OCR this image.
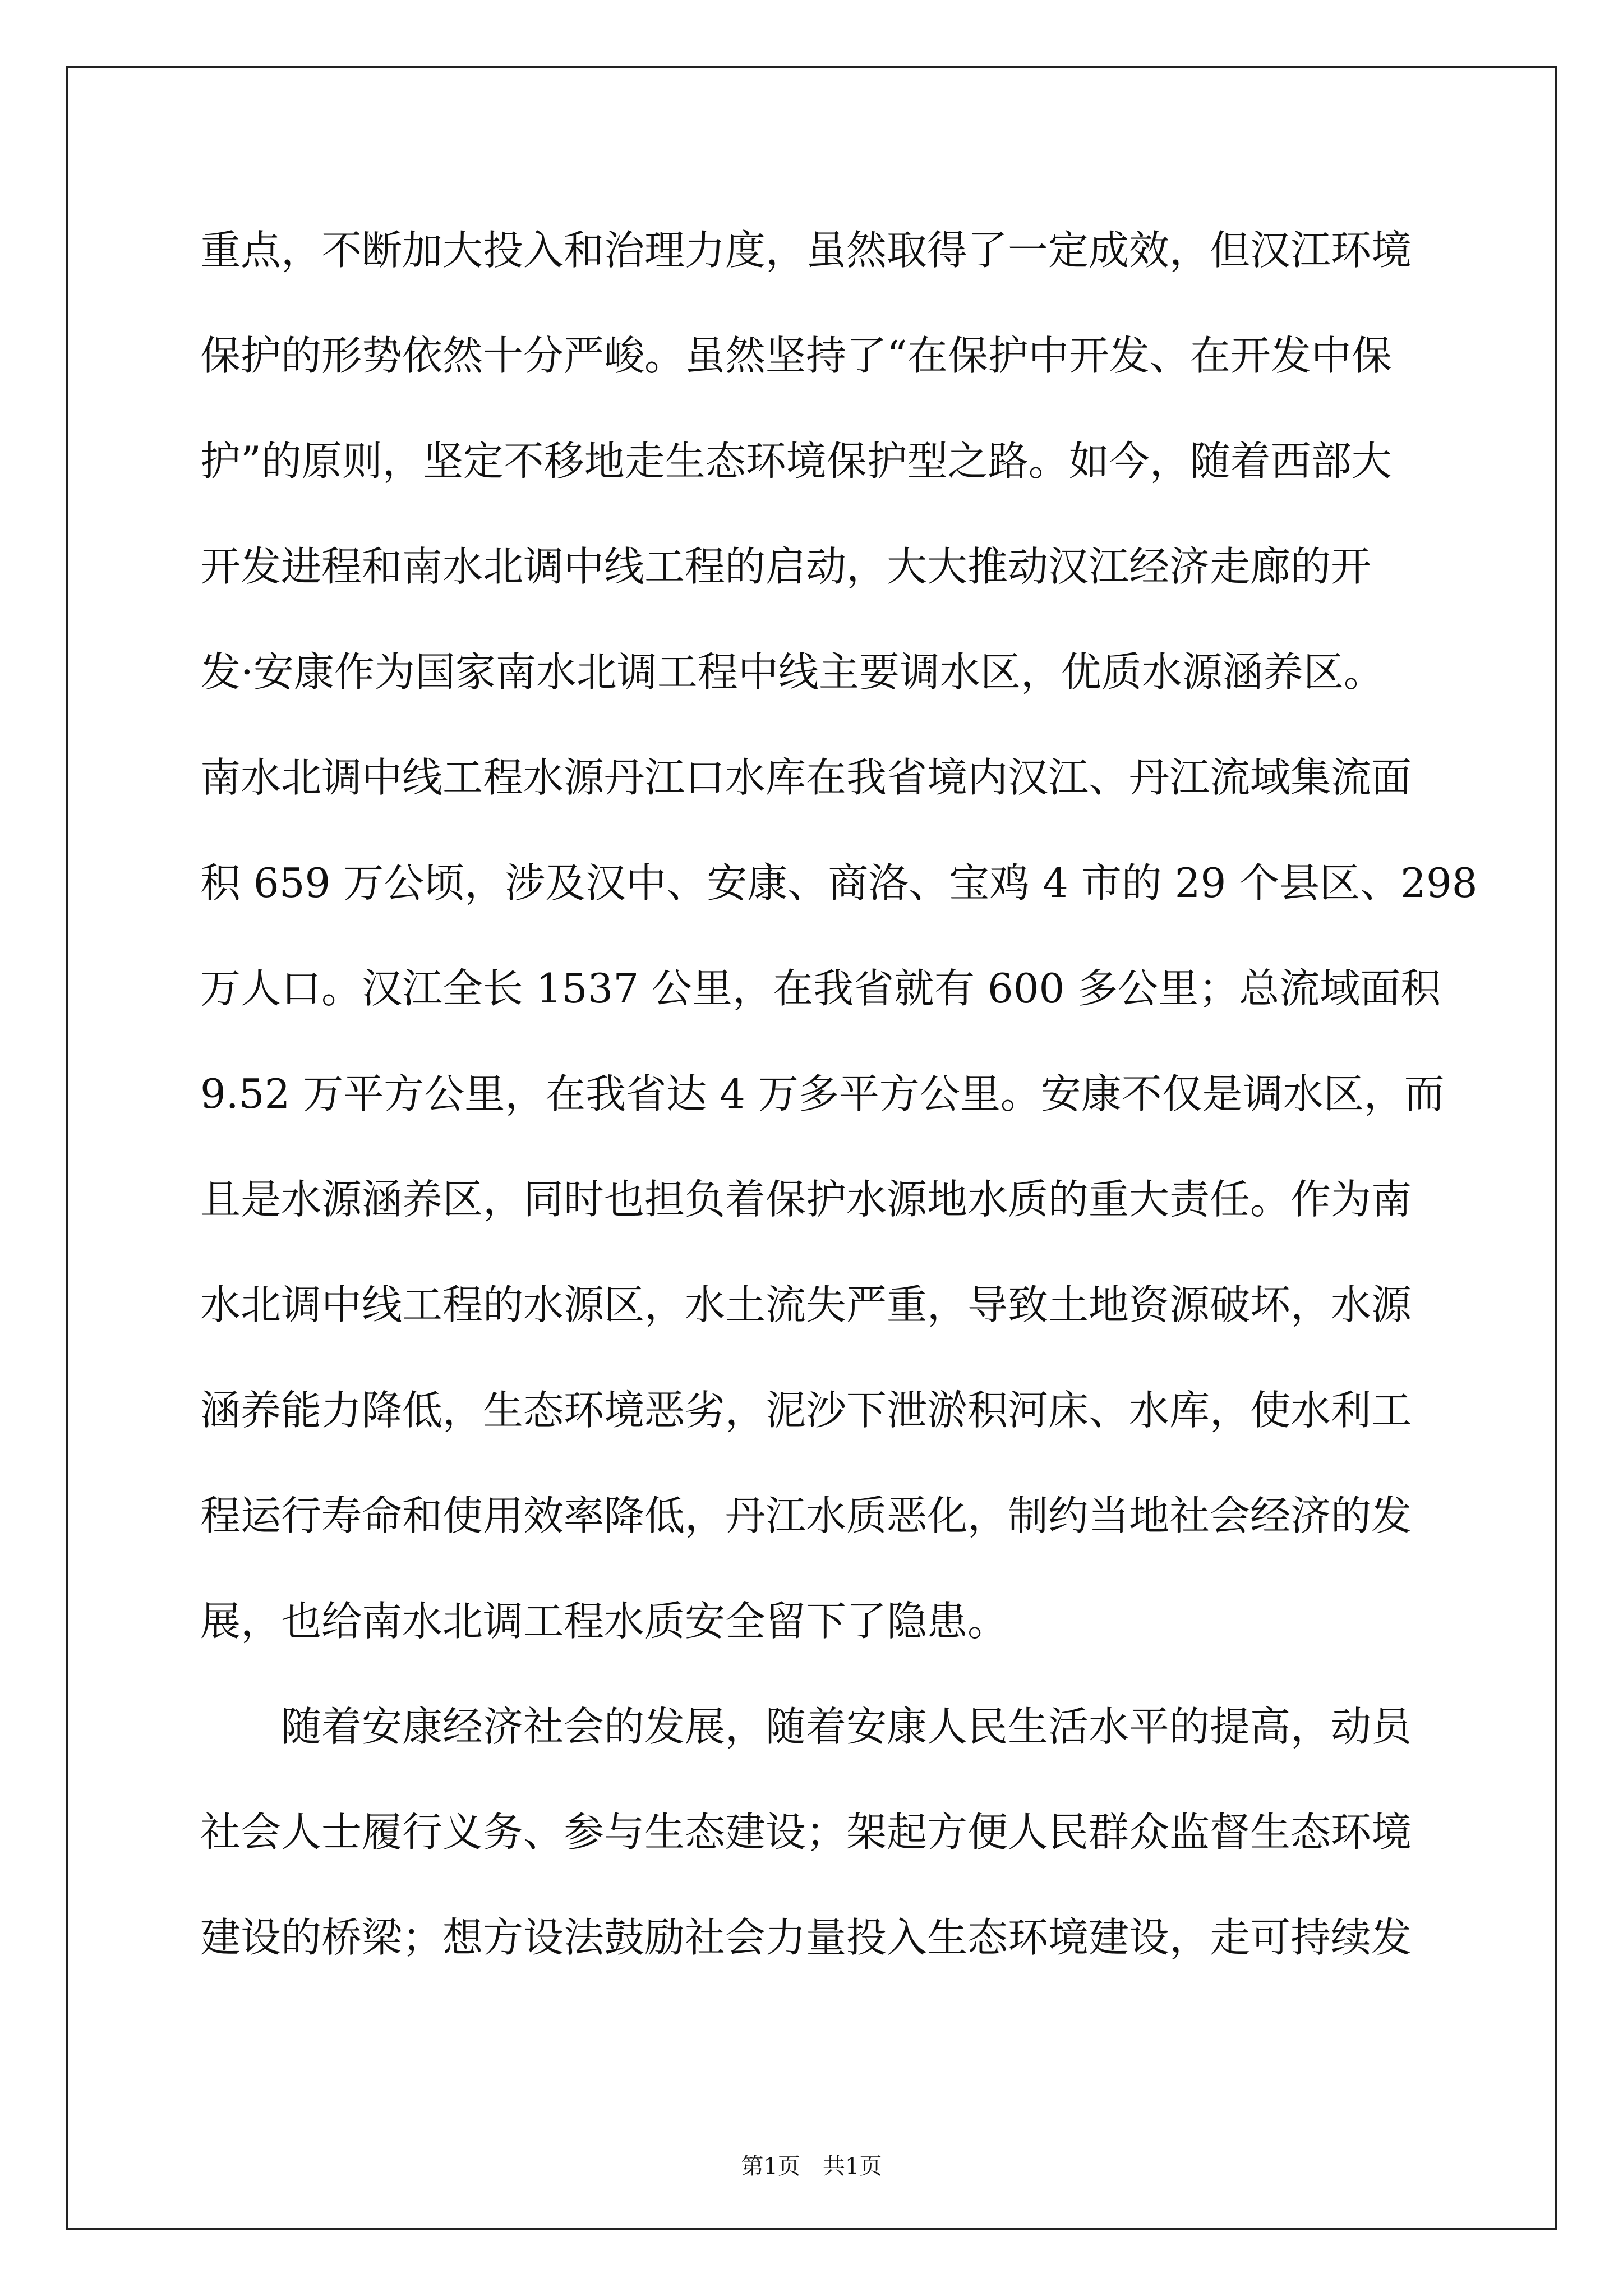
重点，不断加大投入和治理力度，虽然取得了一定成效，但汉江环境
保护的形势依然十分严峻。虽然坚持了“在保护中开发、在开发中保
护”的原则，坚定不移地走生态环境保护型之路。如今，随着西部大
开发进程和南水北调中线工程的启动，大大推动汉江经济走廊的开
发·安康作为国家南水北调工程中线主要调水区，优质水源涵养区。
南水北调中线工程水源丹江口水库在我省境内汉江、丹江流域集流面
积 659 万公顷，涉及汉中、安康、商洛、宝鸡 4 市的 29 个县区、298
万人口。汉江全长 1537 公里，在我省就有 600 多公里；总流域面积
9.52 万平方公里，在我省达 4 万多平方公里。安康不仅是调水区，而
且是水源涵养区，同时也担负着保护水源地水质的重大责任。作为南
水北调中线工程的水源区，水土流失严重，导致土地资源破坏，水源
涵养能力降低，生态环境恶劣，泥沙下泄淤积河床、水库，使水利工
程运行寿命和使用效率降低，丹江水质恶化，制约当地社会经济的发
展，也给南水北调工程水质安全留下了隐患。
　　随着安康经济社会的发展，随着安康人民生活水平的提高，动员
社会人士履行义务、参与生态建设；架起方便人民群众监督生态环境
建设的桥梁；想方设法鼓励社会力量投入生态环境建设，走可持续发
第1页　共1页
